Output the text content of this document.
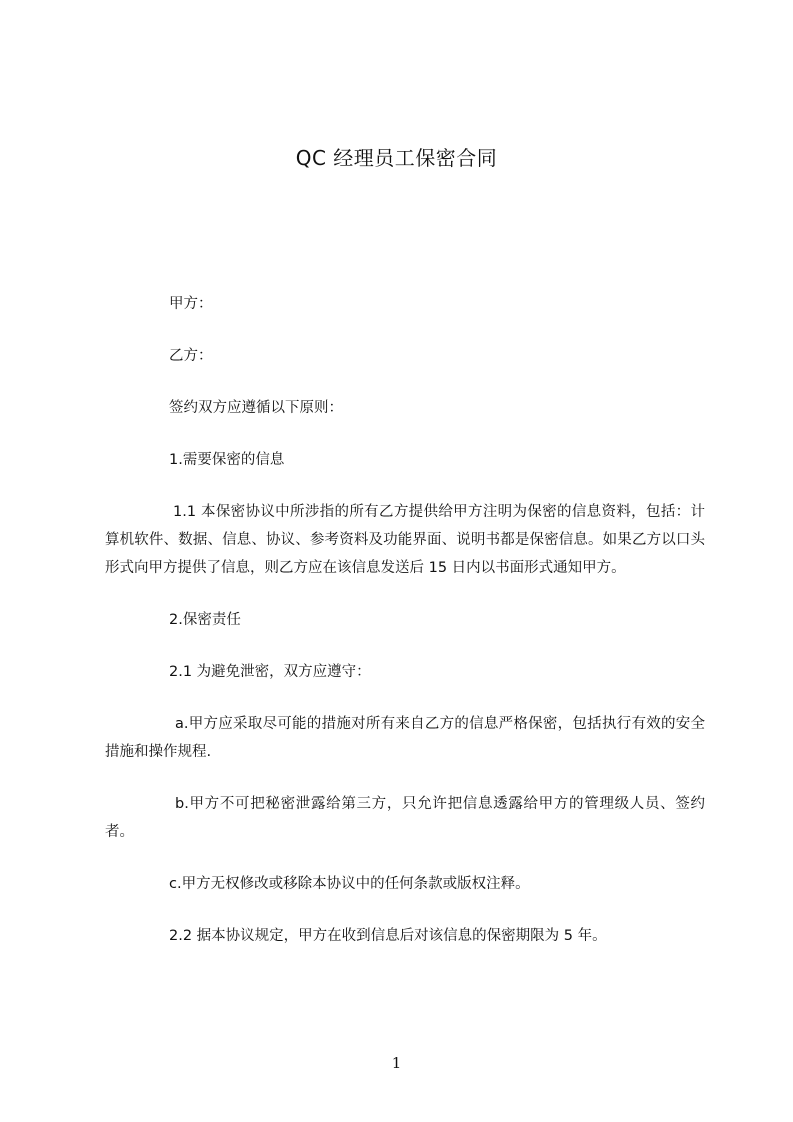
QC 经理员工保密合同

甲方：

乙方：

签约双方应遵循以下原则：

1.需要保密的信息

1.1 本保密协议中所涉指的所有乙方提供给甲方注明为保密的信息资料，包括：计算机软件、数据、信息、协议、参考资料及功能界面、说明书都是保密信息。如果乙方以口头形式向甲方提供了信息，则乙方应在该信息发送后 15 日内以书面形式通知甲方。

2.保密责任

2.1 为避免泄密，双方应遵守：

a.甲方应采取尽可能的措施对所有来自乙方的信息严格保密，包括执行有效的安全措施和操作规程.

b.甲方不可把秘密泄露给第三方，只允许把信息透露给甲方的管理级人员、签约者。

c.甲方无权修改或移除本协议中的任何条款或版权注释。

2.2 据本协议规定，甲方在收到信息后对该信息的保密期限为 5 年。

1
